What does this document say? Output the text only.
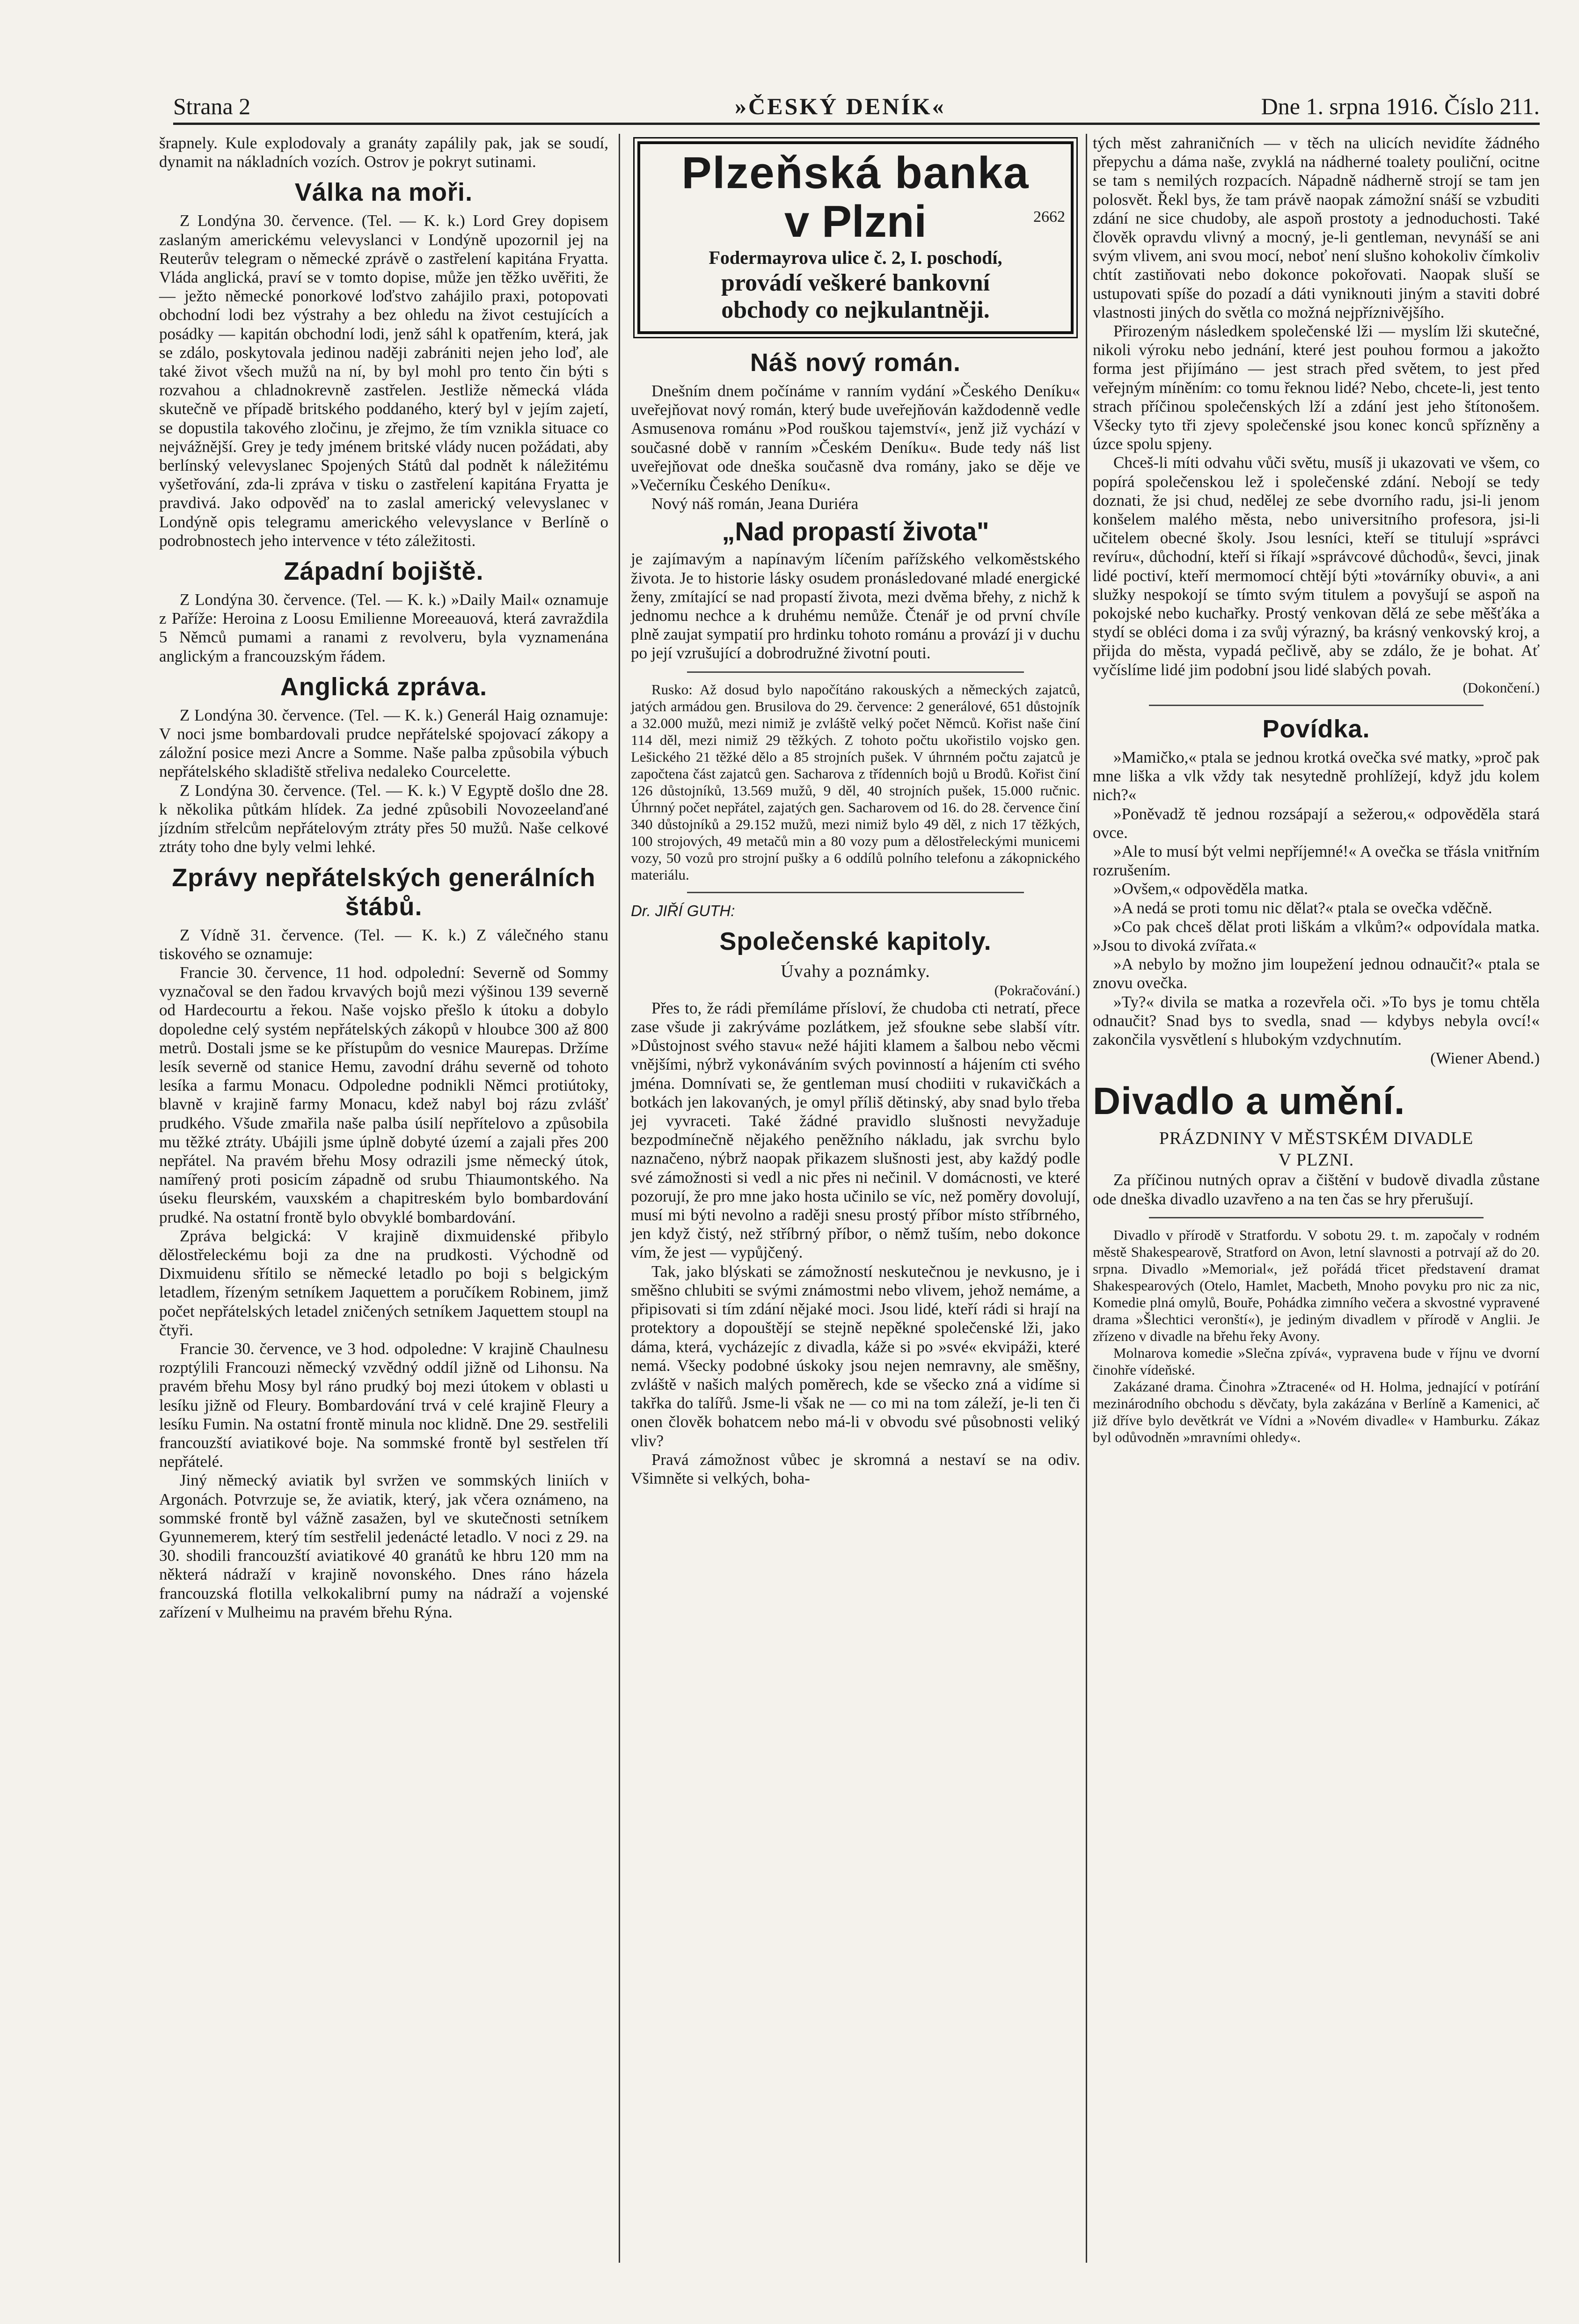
Strana 2	»ČESKÝ DENÍK«	Dne 1. srpna 1916. Číslo 211.

šrapnely. Kule explodovaly a granáty zapálily pak, jak se soudí, dynamit na nákladních vozích. Ostrov je pokryt sutinami.

Válka na moři.

Z Londýna 30. července. (Tel. — K. k.) Lord Grey dopisem zaslaným americkému velevyslanci v Londýně upozornil jej na Reuterův telegram o německé zprávě o zastřelení kapitána Fryatta. Vláda anglická, praví se v tomto dopise, může jen těžko uvěřiti, že — ježto německé ponorkové loďstvo zahájilo praxi, potopovati obchodní lodi bez výstrahy a bez ohledu na život cestujících a posádky — kapitán obchodní lodi, jenž sáhl k opatřením, která, jak se zdálo, poskytovala jedinou naději zabrániti nejen jeho loď, ale také život všech mužů na ní, by byl mohl pro tento čin býti s rozvahou a chladnokrevně zastřelen. Jestliže německá vláda skutečně ve případě britského poddaného, který byl v jejím zajetí, se dopustila takového zločinu, je zřejmo, že tím vznikla situace co nejvážnější. Grey je tedy jménem britské vlády nucen požádati, aby berlínský velevyslanec Spojených Států dal podnět k náležitému vyšetřování, zda-li zpráva v tisku o zastřelení kapitána Fryatta je pravdivá. Jako odpověď na to zaslal americký velevyslanec v Londýně opis telegramu amerického velevyslance v Berlíně o podrobnostech jeho intervence v této záležitosti.

Západní bojiště.

Z Londýna 30. července. (Tel. — K. k.) »Daily Mail« oznamuje z Paříže: Heroina z Loosu Emilienne Moreeauová, která zavraždila 5 Němců pumami a ranami z revolveru, byla vyznamenána anglickým a francouzským řádem.

Anglická zpráva.

Z Londýna 30. července. (Tel. — K. k.) Generál Haig oznamuje: V noci jsme bombardovali prudce nepřátelské spojovací zákopy a záložní posice mezi Ancre a Somme. Naše palba způsobila výbuch nepřátelského skladiště střeliva nedaleko Courcelette.

Z Londýna 30. července. (Tel. — K. k.) V Egyptě došlo dne 28. k několika půtkám hlídek. Za jedné způsobili Novozeelanďané jízdním střelcům nepřátelovým ztráty přes 50 mužů. Naše celkové ztráty toho dne byly velmi lehké.

Zprávy nepřátelských generálních štábů.

Z Vídně 31. července. (Tel. — K. k.) Z válečného stanu tiskového se oznamuje:

Francie 30. července, 11 hod. odpolední: Severně od Sommy vyznačoval se den řadou krvavých bojů mezi výšinou 139 severně od Hardecourtu a řekou. Naše vojsko přešlo k útoku a dobylo dopoledne celý systém nepřátelských zákopů v hloubce 300 až 800 metrů. Dostali jsme se ke přístupům do vesnice Maurepas. Držíme lesík severně od stanice Hemu, zavodní dráhu severně od tohoto lesíka a farmu Monacu. Odpoledne podnikli Němci protiútoky, blavně v krajině farmy Monacu, kdež nabyl boj rázu zvlášť prudkého. Všude zmařila naše palba úsilí nepřítelovo a způsobila mu těžké ztráty. Ubájili jsme úplně dobyté území a zajali přes 200 nepřátel. Na pravém břehu Mosy odrazili jsme německý útok, namířený proti posicím západně od srubu Thiaumontského. Na úseku fleurském, vauxském a chapitreském bylo bombardování prudké. Na ostatní frontě bylo obvyklé bombardování.

Zpráva belgická: V krajině dixmuidenské přibylo dělostřeleckému boji za dne na prudkosti. Východně od Dixmuidenu sřítilo se německé letadlo po boji s belgickým letadlem, řízeným setníkem Jaquettem a poručíkem Robinem, jimž počet nepřátelských letadel zničených setníkem Jaquettem stoupl na čtyři.

Francie 30. července, ve 3 hod. odpoledne: V krajině Chaulnesu rozptýlili Francouzi německý vzvědný oddíl jižně od Lihonsu. Na pravém břehu Mosy byl ráno prudký boj mezi útokem v oblasti u lesíku jižně od Fleury. Bombardování trvá v celé krajině Fleury a lesíku Fumin. Na ostatní frontě minula noc klidně. Dne 29. sestřelili francouzští aviatikové boje. Na sommské frontě byl sestřelen tří nepřátelé.

Jiný německý aviatik byl svržen ve sommských liniích v Argonách. Potvrzuje se, že aviatik, který, jak včera oznámeno, na sommské frontě byl vážně zasažen, byl ve skutečnosti setníkem Gyunnemerem, který tím sestřelil jedenácté letadlo. V noci z 29. na 30. shodili francouzští aviatikové 40 granátů ke hbru 120 mm na některá nádraží v krajině novonského. Dnes ráno házela francouzská flotilla velkokalibrní pumy na nádraží a vojenské zařízení v Mulheimu na pravém břehu Rýna.

Plzeňská banka
v Plzni	2662
Fodermayrova ulice č. 2, I. poschodí,
provádí veškeré bankovní
obchody co nejkulantněji.
Náš nový román.

Dnešním dnem počínáme v ranním vydání »Českého Deníku« uveřejňovat nový román, který bude uveřejňován každodenně vedle Asmusenova románu »Pod rouškou tajemství«, jenž již vychází v současné době v ranním »Českém Deníku«. Bude tedy náš list uveřejňovat ode dneška současně dva romány, jako se děje ve »Večerníku Českého Deníku«.

Nový náš román, Jeana Duriéra

„Nad propastí života"

je zajímavým a napínavým líčením pařížského velkoměstského života. Je to historie lásky osudem pronásledované mladé energické ženy, zmítající se nad propastí života, mezi dvěma břehy, z nichž k jednomu nechce a k druhému nemůže. Čtenář je od první chvíle plně zaujat sympatií pro hrdinku tohoto románu a provází ji v duchu po její vzrušující a dobrodružné životní pouti.

Rusko: Až dosud bylo napočítáno rakouských a německých zajatců, jatých armádou gen. Brusilova do 29. července: 2 generálové, 651 důstojník a 32.000 mužů, mezi nimiž je zvláště velký počet Němců. Kořist naše činí 114 děl, mezi nimiž 29 těžkých. Z tohoto počtu ukořistilo vojsko gen. Lešického 21 těžké dělo a 85 strojních pušek. V úhrnném počtu zajatců je započtena část zajatců gen. Sacharova z třídenních bojů u Brodů. Kořist činí 126 důstojníků, 13.569 mužů, 9 děl, 40 strojních pušek, 15.000 ručnic. Úhrnný počet nepřátel, zajatých gen. Sacharovem od 16. do 28. července činí 340 důstojníků a 29.152 mužů, mezi nimiž bylo 49 děl, z nich 17 těžkých, 100 strojových, 49 metačů min a 80 vozy pum a dělostřeleckými municemi vozy, 50 vozů pro strojní pušky a 6 oddílů polního telefonu a zákopnického materiálu.

Dr. JIŘÍ GUTH:

Společenské kapitoly.

Úvahy a poznámky.

(Pokračování.)

Přes to, že rádi přemíláme přísloví, že chudoba cti netratí, přece zase všude ji zakrýváme pozlátkem, jež sfoukne sebe slabší vítr. »Důstojnost svého stavu« nežé hájiti klamem a šalbou nebo věcmi vnějšími, nýbrž vykonáváním svých povinností a hájením cti svého jména. Domnívati se, že gentleman musí chodiiti v rukavičkách a botkách jen lakovaných, je omyl příliš dětinský, aby snad bylo třeba jej vyvraceti. Také žádné pravidlo slušnosti nevyžaduje bezpodmínečně nějakého peněžního nákladu, jak svrchu bylo naznačeno, nýbrž naopak přikazem slušnosti jest, aby každý podle své zámožnosti si vedl a nic přes ni nečinil. V domácnosti, ve které pozorují, že pro mne jako hosta učinilo se víc, než poměry dovolují, musí mi býti nevolno a raději snesu prostý příbor místo stříbrného, jen když čistý, než stříbrný příbor, o němž tuším, nebo dokonce vím, že jest — vypůjčený.

Tak, jako blýskati se zámožností neskutečnou je nevkusno, je i směšno chlubiti se svými známostmi nebo vlivem, jehož nemáme, a připisovati si tím zdání nějaké moci. Jsou lidé, kteří rádi si hrají na protektory a dopouštějí se stejně nepěkné společenské lži, jako dáma, která, vycházejíc z divadla, káže si po »své« ekvipáži, které nemá. Všecky podobné úskoky jsou nejen nemravny, ale směšny, zvláště v našich malých poměrech, kde se všecko zná a vidíme si takřka do talířů. Jsme-li však ne — co mi na tom záleží, je-li ten či onen člověk bohatcem nebo má-li v obvodu své působnosti veliký vliv?

Pravá zámožnost vůbec je skromná a nestaví se na odiv. Všimněte si velkých, boha-

tých měst zahraničních — v těch na ulicích nevidíte žádného přepychu a dáma naše, zvyklá na nádherné toalety pouliční, ocitne se tam s nemilých rozpacích. Nápadně nádherně strojí se tam jen polosvět. Řekl bys, že tam právě naopak zámožní snáší se vzbuditi zdání ne sice chudoby, ale aspoň prostoty a jednoduchosti. Také člověk opravdu vlivný a mocný, je-li gentleman, nevynáší se ani svým vlivem, ani svou mocí, neboť není slušno kohokoliv čímkoliv chtít zastiňovati nebo dokonce pokořovati. Naopak sluší se ustupovati spíše do pozadí a dáti vyniknouti jiným a staviti dobré vlastnosti jiných do světla co možná nejpříznivějšího.

Přirozeným následkem společenské lži — myslím lži skutečné, nikoli výroku nebo jednání, které jest pouhou formou a jakožto forma jest přijímáno — jest strach před světem, to jest před veřejným míněním: co tomu řeknou lidé? Nebo, chcete-li, jest tento strach příčinou společenských lží a zdání jest jeho štítonošem. Všecky tyto tři zjevy společenské jsou konec konců spřízněny a úzce spolu spjeny.

Chceš-li míti odvahu vůči světu, musíš ji ukazovati ve všem, co popírá společenskou lež i společenské zdání. Nebojí se tedy doznati, že jsi chud, nedělej ze sebe dvorního radu, jsi-li jenom konšelem malého města, nebo universitního profesora, jsi-li učitelem obecné školy. Jsou lesníci, kteří se titulují »správci revíru«, důchodní, kteří si říkají »správcové důchodů«, ševci, jinak lidé poctiví, kteří mermomocí chtějí býti »továrníky obuvi«, a ani služky nespokojí se tímto svým titulem a povyšují se aspoň na pokojské nebo kuchařky. Prostý venkovan dělá ze sebe měšťáka a stydí se obléci doma i za svůj výrazný, ba krásný venkovský kroj, a přijda do města, vypadá pečlivě, aby se zdálo, že je bohat. Ať vyčíslíme lidé jim podobní jsou lidé slabých povah.

(Dokončení.)

Povídka.

»Mamičko,« ptala se jednou krotká ovečka své matky, »proč pak mne liška a vlk vždy tak nesytedně prohlížejí, když jdu kolem nich?«

»Poněvadž tě jednou rozsápají a sežerou,« odpověděla stará ovce.

»Ale to musí být velmi nepříjemné!« A ovečka se třásla vnitřním rozrušením.

»Ovšem,« odpověděla matka.

»A nedá se proti tomu nic dělat?« ptala se ovečka vděčně.

»Co pak chceš dělat proti liškám a vlkům?« odpovídala matka. »Jsou to divoká zvířata.«

»A nebylo by možno jim loupežení jednou odnaučit?« ptala se znovu ovečka.

»Ty?« divila se matka a rozevřela oči. »To bys je tomu chtěla odnaučit? Snad bys to svedla, snad — kdybys nebyla ovcí!« zakončila vysvětlení s hlubokým vzdychnutím.

(Wiener Abend.)

Divadlo a umění.

PRÁZDNINY V MĚSTSKÉM DIVADLE

V PLZNI.

Za příčinou nutných oprav a čištění v budově divadla zůstane ode dneška divadlo uzavřeno a na ten čas se hry přerušují.

Divadlo v přírodě v Stratfordu. V sobotu 29. t. m. započaly v rodném městě Shakespearově, Stratford on Avon, letní slavnosti a potrvají až do 20. srpna. Divadlo »Memorial«, jež pořádá třicet představení dramat Shakespearových (Otelo, Hamlet, Macbeth, Mnoho povyku pro nic za nic, Komedie plná omylů, Bouře, Pohádka zimního večera a skvostné vypravené drama »Šlechtici veronští«), je jediným divadlem v přírodě v Anglii. Je zřízeno v divadle na břehu řeky Avony.

Molnarova komedie »Slečna zpívá«, vypravena bude v říjnu ve dvorní činohře vídeňské.

Zakázané drama. Činohra »Ztracené« od H. Holma, jednající v potírání mezinárodního obchodu s děvčaty, byla zakázána v Berlíně a Kamenici, ač již dříve bylo devětkrát ve Vídni a »Novém divadle« v Hamburku. Zákaz byl odůvodněn »mravními ohledy«.
